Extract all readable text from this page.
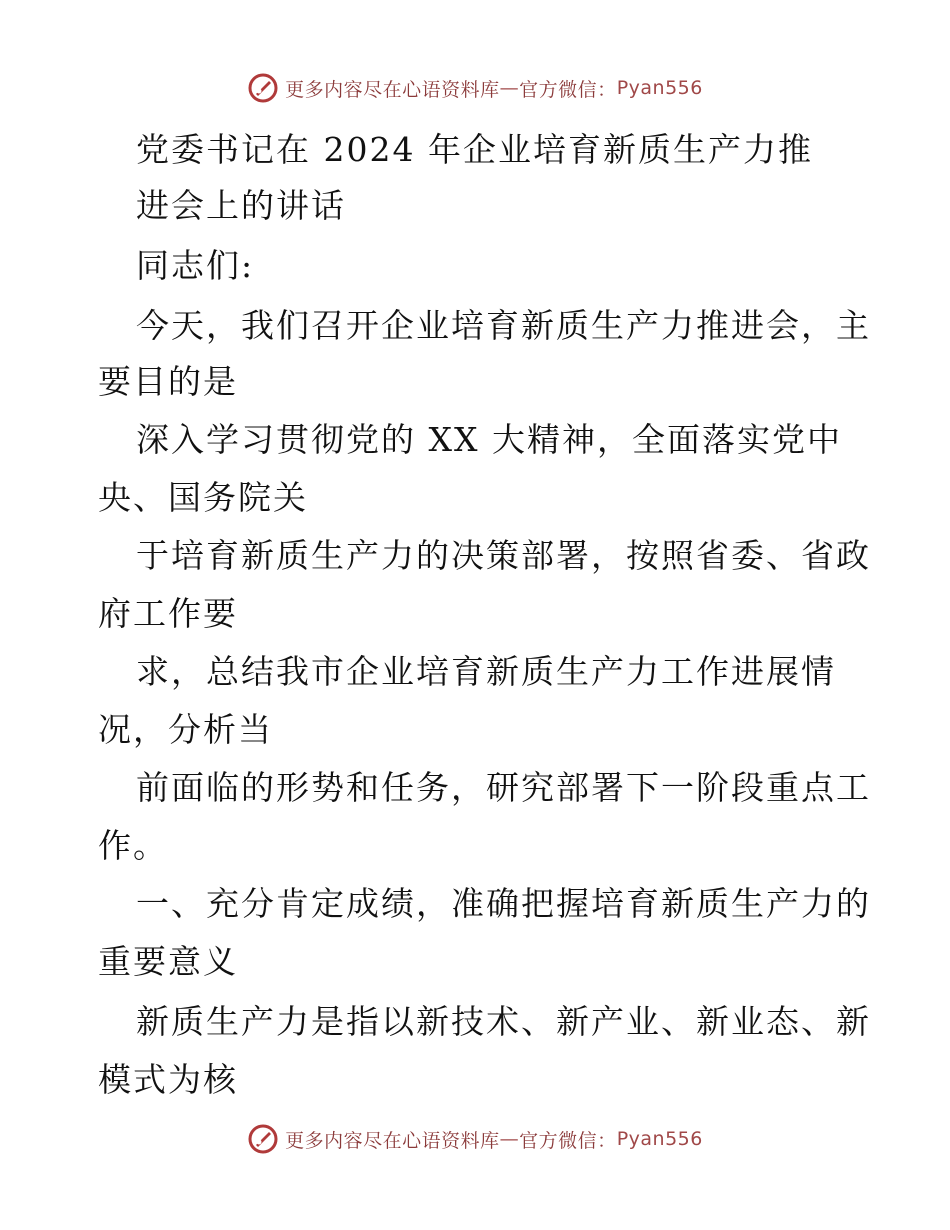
更多内容尽在心语资料库 — 官方微信： Pyan556
党委书记在 2024 年企业培育新质生产力推
进会上的讲话
同志们:
今天，我们召开企业培育新质生产力推进会，主
要目的是
深入学习贯彻党的 XX 大精神，全面落实党中
央、国务院关
于培育新质生产力的决策部署，按照省委、省政
府工作要
求，总结我市企业培育新质生产力工作进展情
况，分析当
前面临的形势和任务，研究部署下一阶段重点工
作。
一、充分肯定成绩，准确把握培育新质生产力的
重要意义
新质生产力是指以新技术、新产业、新业态、新
模式为核
更多内容尽在心语资料库 — 官方微信： Pyan556
